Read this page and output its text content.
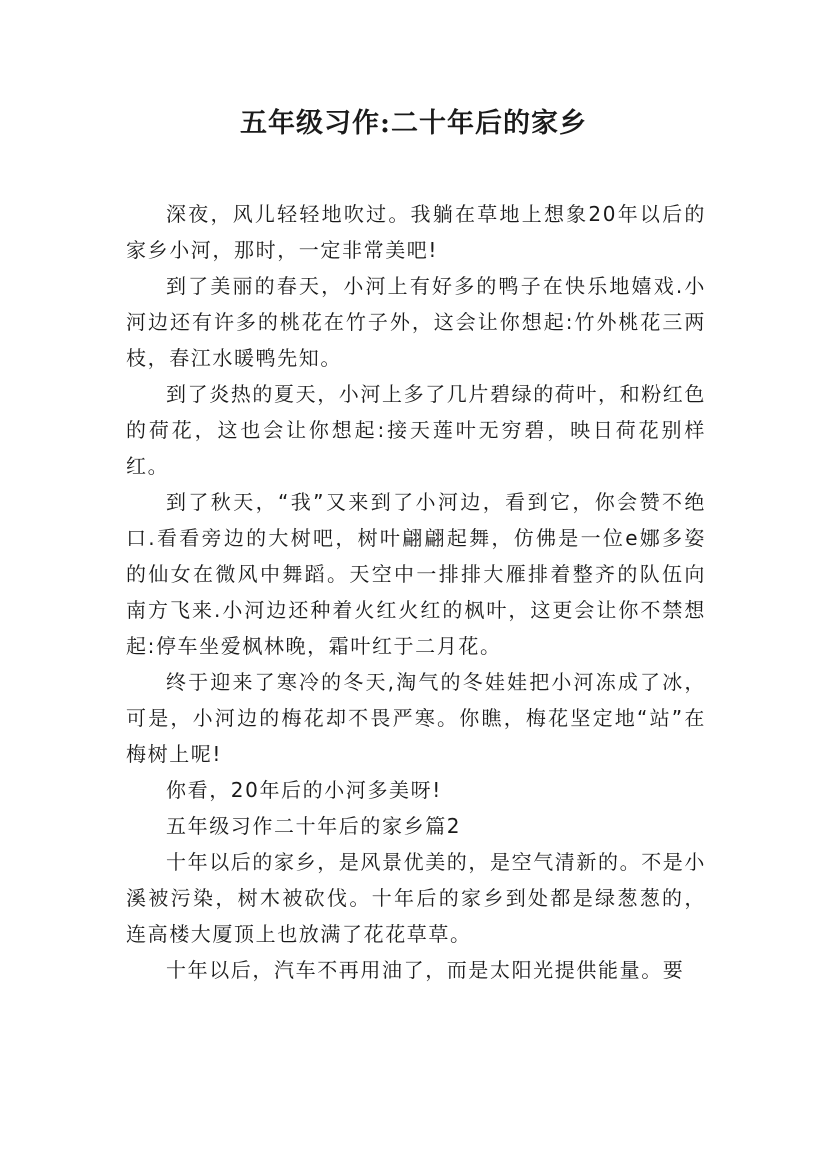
五年级习作:二十年后的家乡

深夜，风儿轻轻地吹过。我躺在草地上想象20年以后的家乡小河，那时，一定非常美吧!

到了美丽的春天，小河上有好多的鸭子在快乐地嬉戏.小河边还有许多的桃花在竹子外，这会让你想起:竹外桃花三两枝，春江水暖鸭先知。

到了炎热的夏天，小河上多了几片碧绿的荷叶，和粉红色的荷花，这也会让你想起:接天莲叶无穷碧，映日荷花别样红。

到了秋天，“我”又来到了小河边，看到它，你会赞不绝口.看看旁边的大树吧，树叶翩翩起舞，仿佛是一位e娜多姿的仙女在微风中舞蹈。天空中一排排大雁排着整齐的队伍向南方飞来.小河边还种着火红火红的枫叶，这更会让你不禁想起:停车坐爱枫林晚，霜叶红于二月花。

终于迎来了寒冷的冬天,淘气的冬娃娃把小河冻成了冰，可是，小河边的梅花却不畏严寒。你瞧，梅花坚定地“站”在梅树上呢!

你看，20年后的小河多美呀!

五年级习作二十年后的家乡篇2

十年以后的家乡，是风景优美的，是空气清新的。不是小溪被污染，树木被砍伐。十年后的家乡到处都是绿葱葱的，连高楼大厦顶上也放满了花花草草。

十年以后，汽车不再用油了，而是太阳光提供能量。要
